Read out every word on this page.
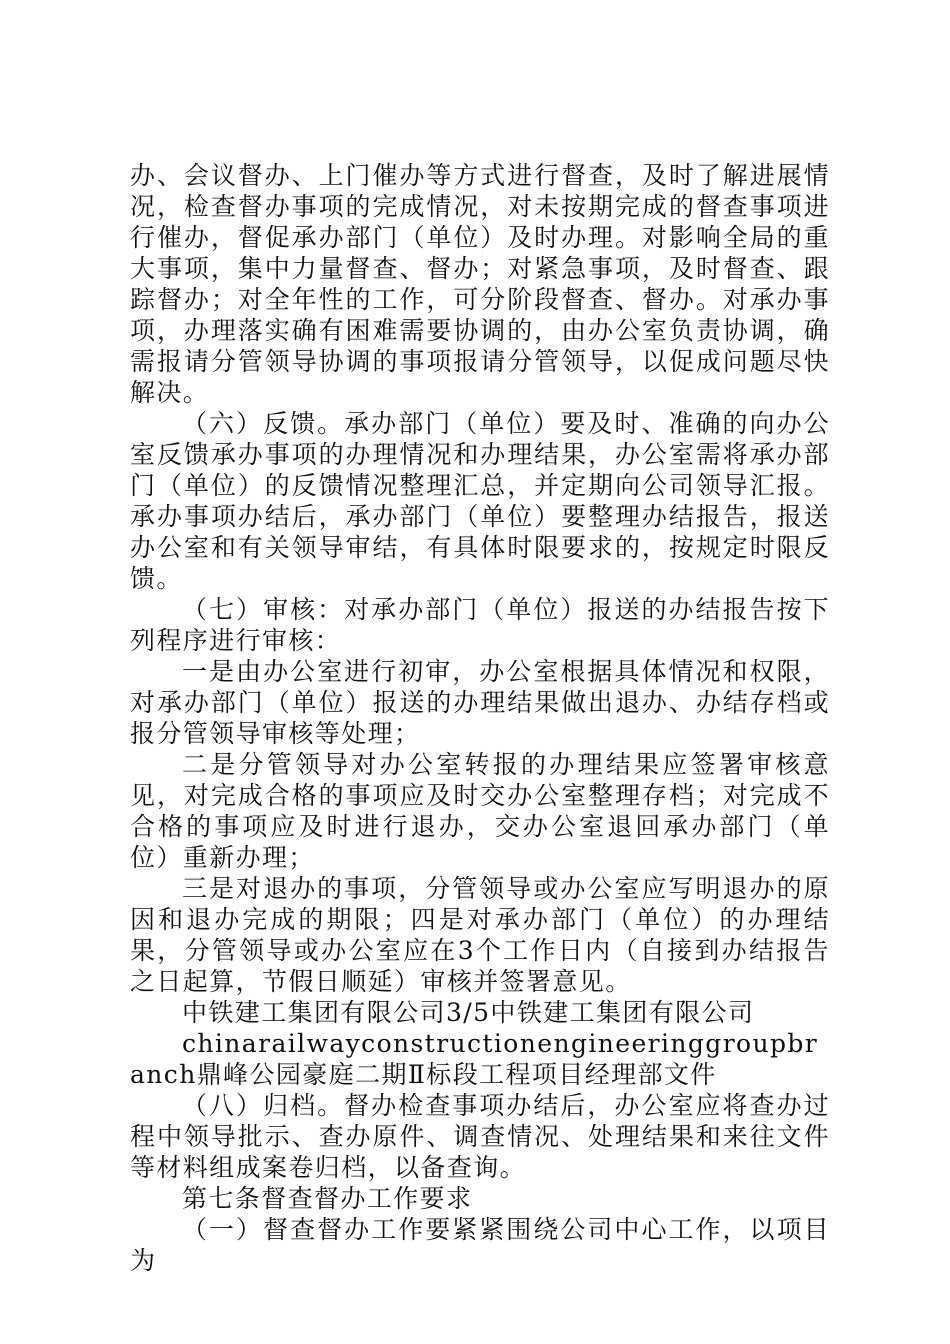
办、会议督办、上门催办等方式进行督查，及时了解进展情况，检查督办事项的完成情况，对未按期完成的督查事项进行催办，督促承办部门（单位）及时办理。对影响全局的重大事项，集中力量督查、督办；对紧急事项，及时督查、跟踪督办；对全年性的工作，可分阶段督查、督办。对承办事项，办理落实确有困难需要协调的，由办公室负责协调，确需报请分管领导协调的事项报请分管领导，以促成问题尽快解决。

（六）反馈。承办部门（单位）要及时、准确的向办公室反馈承办事项的办理情况和办理结果，办公室需将承办部门（单位）的反馈情况整理汇总，并定期向公司领导汇报。承办事项办结后，承办部门（单位）要整理办结报告，报送办公室和有关领导审结，有具体时限要求的，按规定时限反馈。

（七）审核：对承办部门（单位）报送的办结报告按下列程序进行审核：

一是由办公室进行初审，办公室根据具体情况和权限，对承办部门（单位）报送的办理结果做出退办、办结存档或报分管领导审核等处理；

二是分管领导对办公室转报的办理结果应签署审核意见，对完成合格的事项应及时交办公室整理存档；对完成不合格的事项应及时进行退办，交办公室退回承办部门（单位）重新办理；

三是对退办的事项，分管领导或办公室应写明退办的原因和退办完成的期限；四是对承办部门（单位）的办理结果，分管领导或办公室应在3个工作日内（自接到办结报告之日起算，节假日顺延）审核并签署意见。

中铁建工集团有限公司3/5中铁建工集团有限公司

chinarailwayconstructionengineeringgroupbranch鼎峰公园豪庭二期Ⅱ标段工程项目经理部文件

（八）归档。督办检查事项办结后，办公室应将查办过程中领导批示、查办原件、调查情况、处理结果和来往文件等材料组成案卷归档，以备查询。

第七条督查督办工作要求

（一）督查督办工作要紧紧围绕公司中心工作，以项目为
